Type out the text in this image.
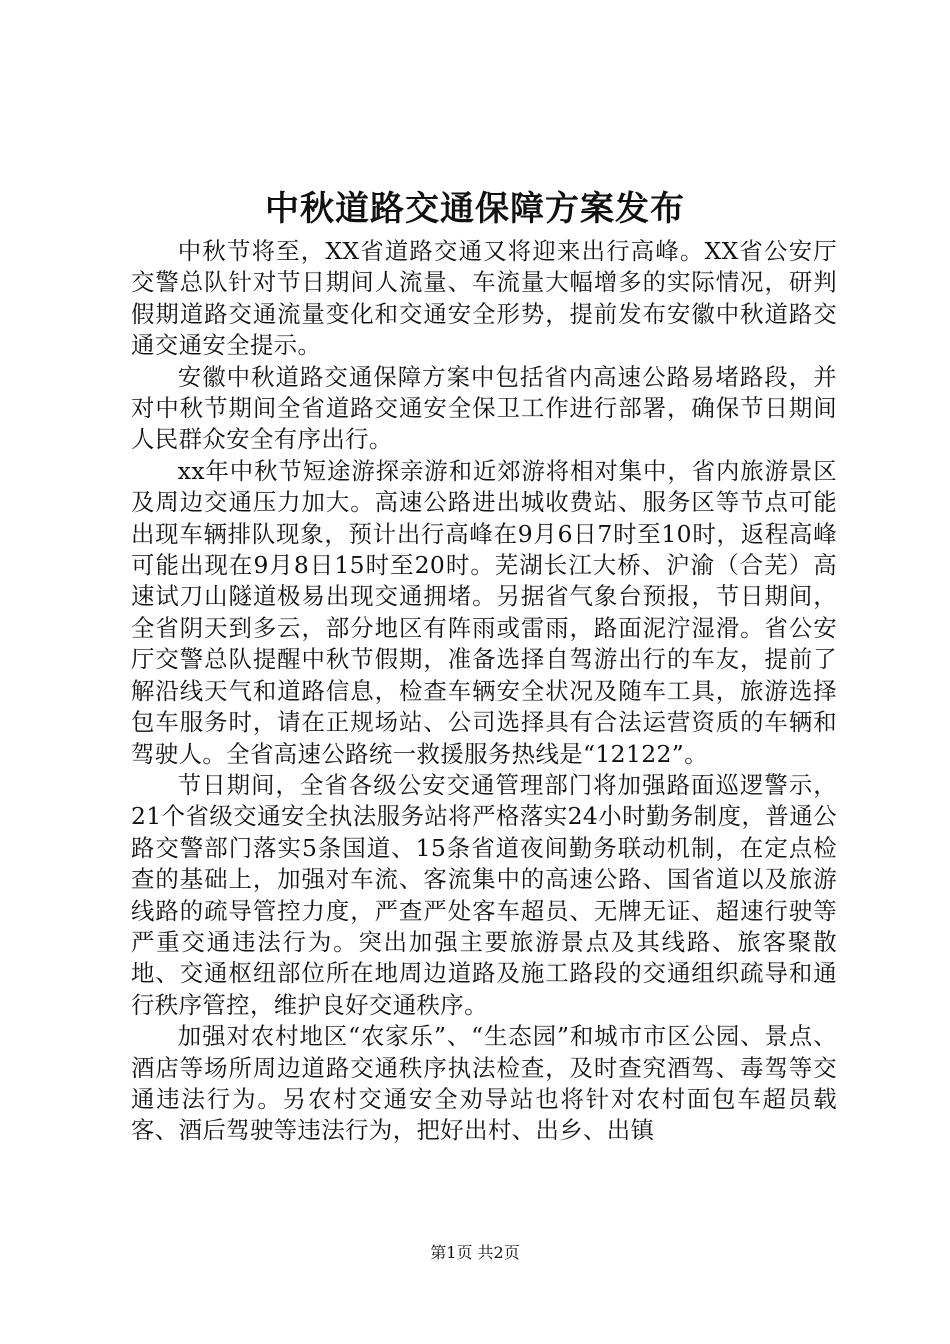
中秋道路交通保障方案发布

中秋节将至，XX省道路交通又将迎来出行高峰。XX省公安厅交警总队针对节日期间人流量、车流量大幅增多的实际情况，研判假期道路交通流量变化和交通安全形势，提前发布安徽中秋道路交通交通安全提示。

安徽中秋道路交通保障方案中包括省内高速公路易堵路段，并对中秋节期间全省道路交通安全保卫工作进行部署，确保节日期间人民群众安全有序出行。

xx年中秋节短途游探亲游和近郊游将相对集中，省内旅游景区及周边交通压力加大。高速公路进出城收费站、服务区等节点可能出现车辆排队现象，预计出行高峰在9月6日7时至10时，返程高峰可能出现在9月8日15时至20时。芜湖长江大桥、沪渝（合芜）高速试刀山隧道极易出现交通拥堵。另据省气象台预报，节日期间，全省阴天到多云，部分地区有阵雨或雷雨，路面泥泞湿滑。省公安厅交警总队提醒中秋节假期，准备选择自驾游出行的车友，提前了解沿线天气和道路信息，检查车辆安全状况及随车工具，旅游选择包车服务时，请在正规场站、公司选择具有合法运营资质的车辆和驾驶人。全省高速公路统一救援服务热线是“12122”。

节日期间，全省各级公安交通管理部门将加强路面巡逻警示，21个省级交通安全执法服务站将严格落实24小时勤务制度，普通公路交警部门落实5条国道、15条省道夜间勤务联动机制，在定点检查的基础上，加强对车流、客流集中的高速公路、国省道以及旅游线路的疏导管控力度，严查严处客车超员、无牌无证、超速行驶等严重交通违法行为。突出加强主要旅游景点及其线路、旅客聚散地、交通枢纽部位所在地周边道路及施工路段的交通组织疏导和通行秩序管控，维护良好交通秩序。

加强对农村地区“农家乐”、“生态园”和城市市区公园、景点、酒店等场所周边道路交通秩序执法检查，及时查究酒驾、毒驾等交通违法行为。另农村交通安全劝导站也将针对农村面包车超员载客、酒后驾驶等违法行为，把好出村、出乡、出镇

第1页 共2页
